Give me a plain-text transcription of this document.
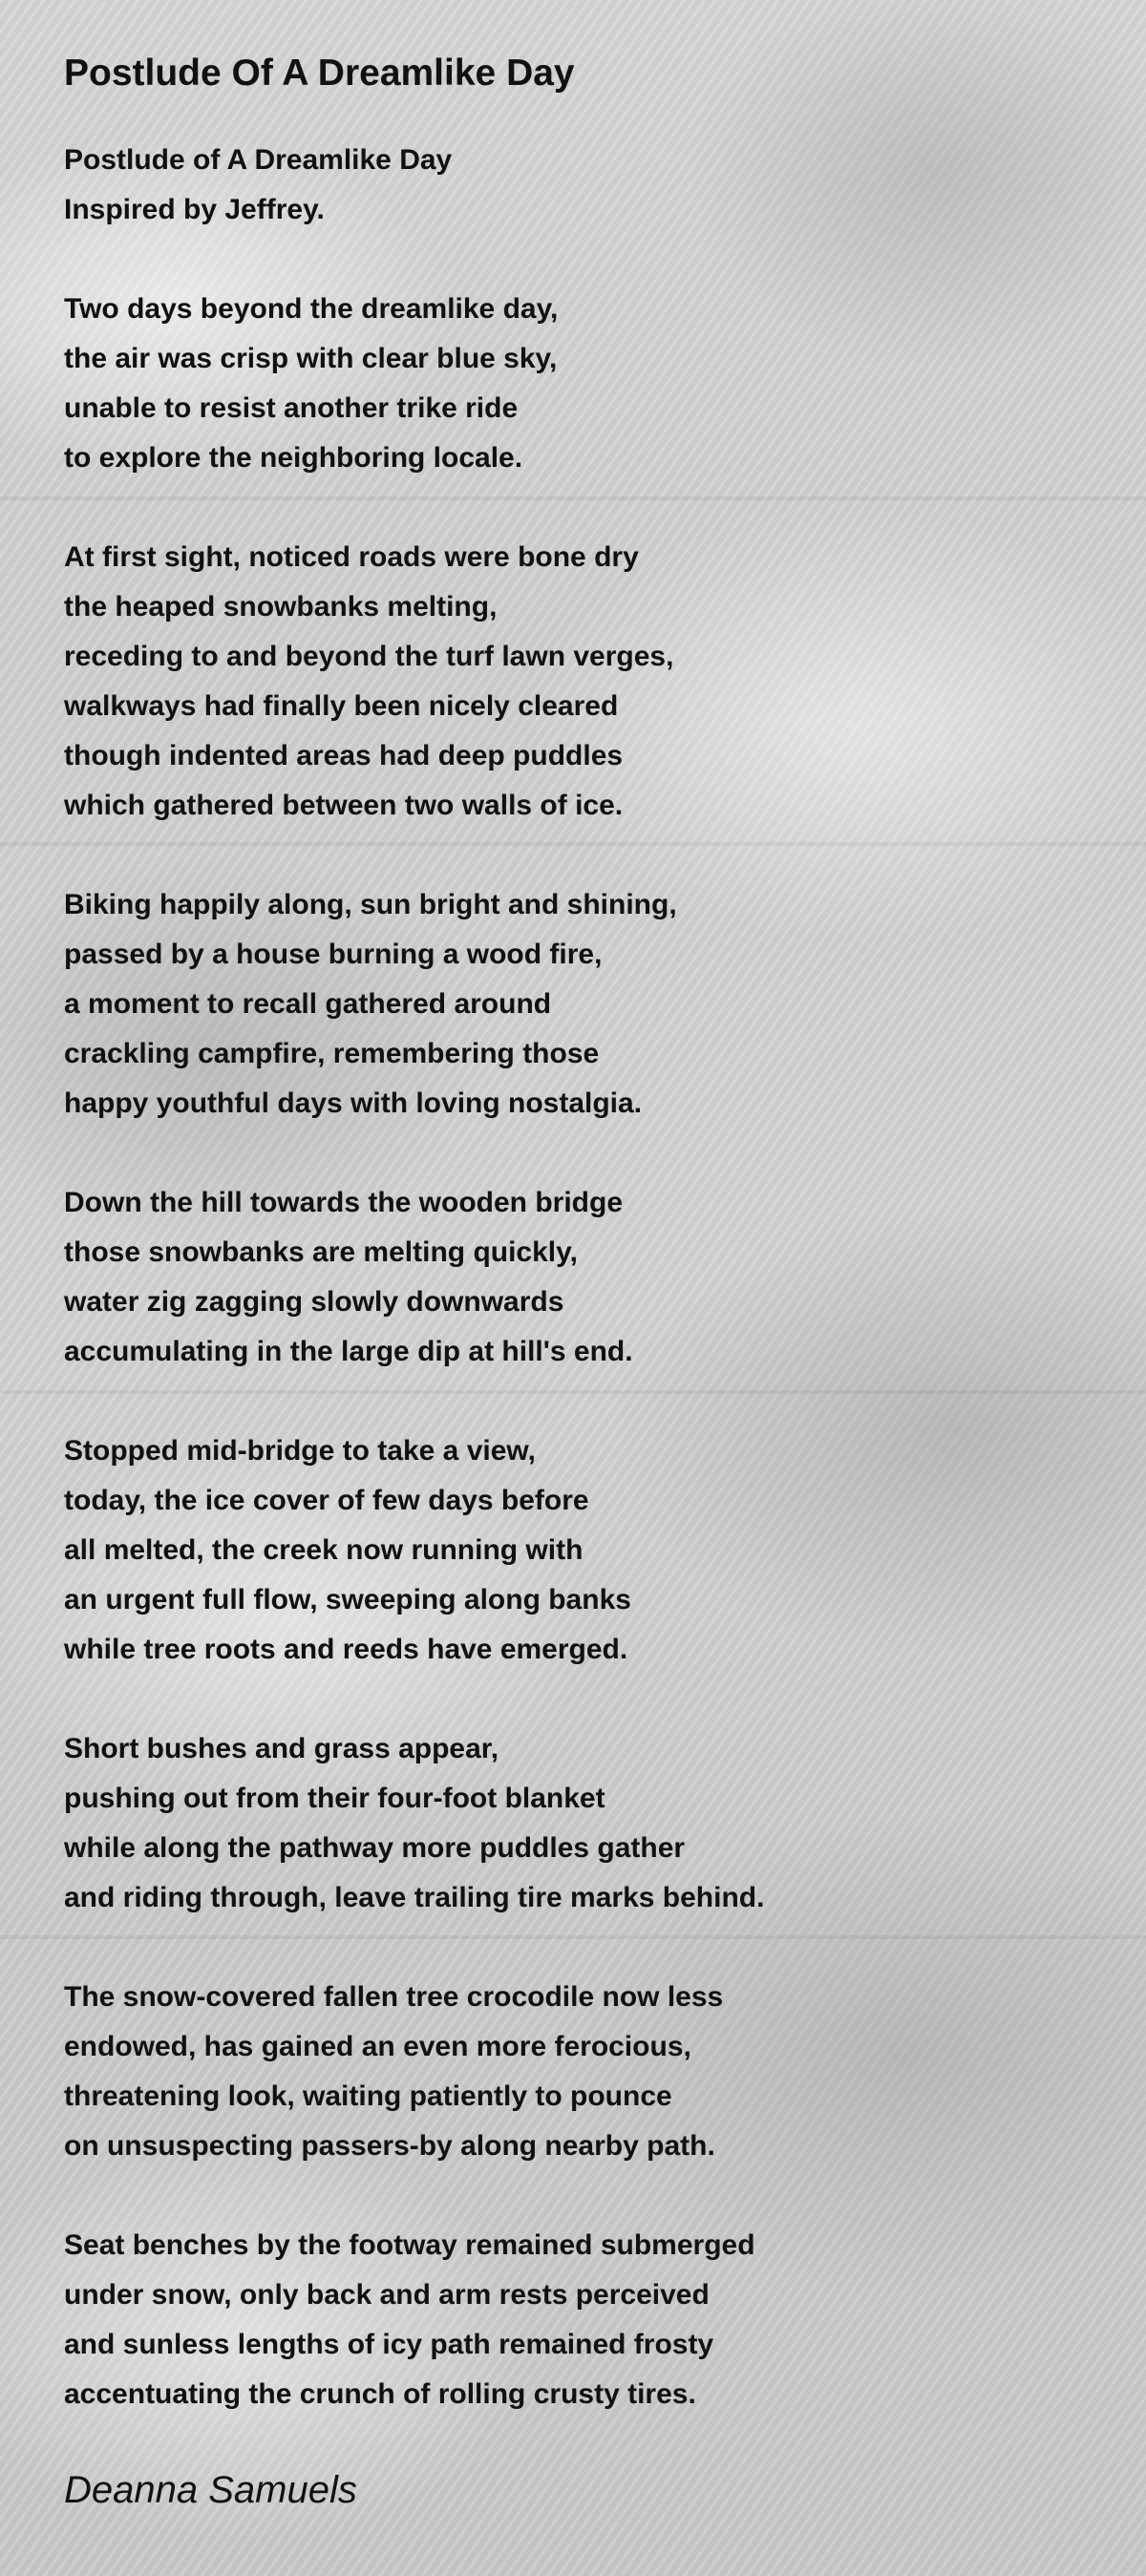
Postlude Of A Dreamlike Day
Postlude of A Dreamlike Day
Inspired by Jeffrey.
Two days beyond the dreamlike day,
the air was crisp with clear blue sky,
unable to resist another trike ride
to explore the neighboring locale.
At first sight, noticed roads were bone dry
the heaped snowbanks melting,
receding to and beyond the turf lawn verges,
walkways had finally been nicely cleared
though indented areas had deep puddles
which gathered between two walls of ice.
Biking happily along, sun bright and shining,
passed by a house burning a wood fire,
a moment to recall gathered around
crackling campfire, remembering those
happy youthful days with loving nostalgia.
Down the hill towards the wooden bridge
those snowbanks are melting quickly,
water zig zagging slowly downwards
accumulating in the large dip at hill's end.
Stopped mid-bridge to take a view,
today, the ice cover of few days before
all melted, the creek now running with
an urgent full flow, sweeping along banks
while tree roots and reeds have emerged.
Short bushes and grass appear,
pushing out from their four-foot blanket
while along the pathway more puddles gather
and riding through, leave trailing tire marks behind.
The snow-covered fallen tree crocodile now less
endowed, has gained an even more ferocious,
threatening look, waiting patiently to pounce
on unsuspecting passers-by along nearby path.
Seat benches by the footway remained submerged
under snow, only back and arm rests perceived
and sunless lengths of icy path remained frosty
accentuating the crunch of rolling crusty tires.
Deanna Samuels
